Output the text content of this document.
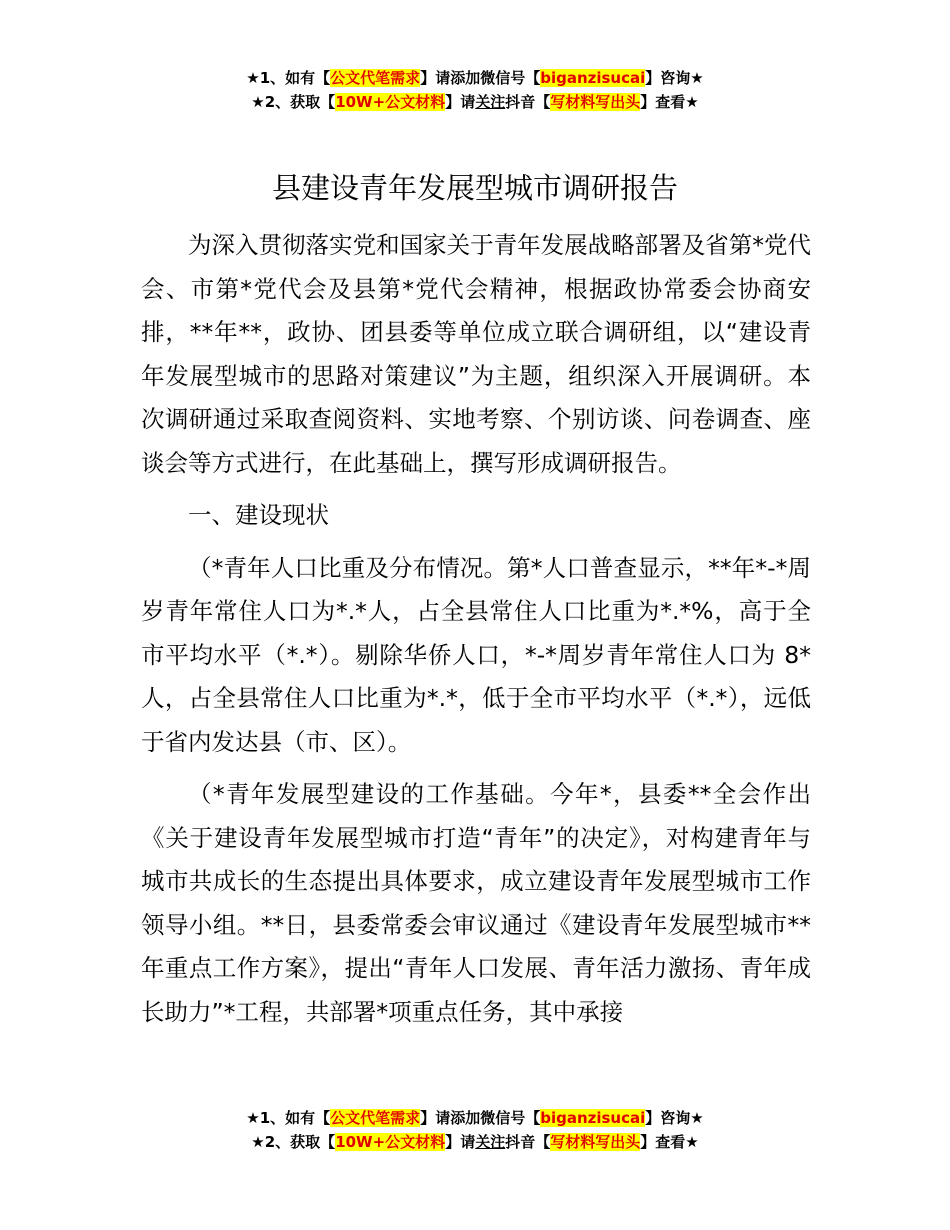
★1、如有【公文代笔需求】请添加微信号【biganzisucai】咨询★
★2、获取【10W+公文材料】请关注抖音【写材料写出头】查看★
县建设青年发展型城市调研报告

为深入贯彻落实党和国家关于青年发展战略部署及省第*党代会、市第*党代会及县第*党代会精神，根据政协常委会协商安排，**年**，政协、团县委等单位成立联合调研组，以“建设青年发展型城市的思路对策建议”为主题，组织深入开展调研。本次调研通过采取查阅资料、实地考察、个别访谈、问卷调查、座谈会等方式进行，在此基础上，撰写形成调研报告。

一、建设现状

（*青年人口比重及分布情况。第*人口普查显示，**年*-*周岁青年常住人口为*.*人，占全县常住人口比重为*.*%，高于全市平均水平（*.*）。剔除华侨人口，*-*周岁青年常住人口为 8*人，占全县常住人口比重为*.*，低于全市平均水平（*.*），远低于省内发达县（市、区）。

（*青年发展型建设的工作基础。今年*，县委**全会作出《关于建设青年发展型城市打造“青年”的决定》，对构建青年与城市共成长的生态提出具体要求，成立建设青年发展型城市工作领导小组。**日，县委常委会审议通过《建设青年发展型城市**年重点工作方案》，提出“青年人口发展、青年活力激扬、青年成长助力”*工程，共部署*项重点任务，其中承接

★1、如有【公文代笔需求】请添加微信号【biganzisucai】咨询★
★2、获取【10W+公文材料】请关注抖音【写材料写出头】查看★
